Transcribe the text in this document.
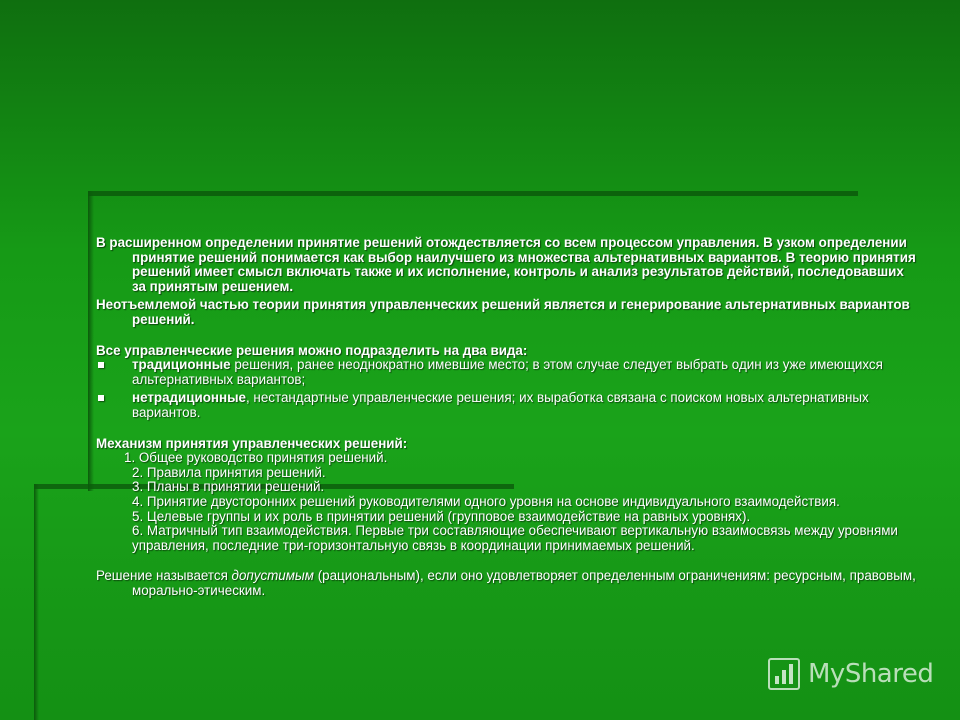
В расширенном определении принятие решений отождествляется со всем процессом управления. В узком определении принятие решений понимается как выбор наилучшего из множества альтернативных вариантов. В теорию принятия решений имеет смысл включать также и их исполнение, контроль и анализ результатов действий, последовавших за принятым решением.

Неотъемлемой частью теории принятия управленческих решений является и генерирование альтернативных вариантов решений.

Все управленческие решения можно подразделить на два вида:

традиционные решения, ранее неоднократно имевшие место; в этом случае следует выбрать один из уже имеющихся альтернативных вариантов;
нетрадиционные, нестандартные управленческие решения; их выработка связана с поиском новых альтернативных вариантов.

Механизм принятия управленческих решений:

1. Общее руководство принятия решений.
2. Правила принятия решений.
3. Планы в принятии решений.
4. Принятие двусторонних решений руководителями одного уровня на основе индивидуального взаимодействия.
5. Целевые группы и их роль в принятии решений (групповое взаимодействие на равных уровнях).
6. Матричный тип взаимодействия. Первые три составляющие обеспечивают вертикальную взаимосвязь между уровнями управления, последние три-горизонтальную связь в координации принимаемых решений.

Решение называется допустимым (рациональным), если оно удовлетворяет определенным ограничениям: ресурсным, правовым, морально-этическим.

MyShared
